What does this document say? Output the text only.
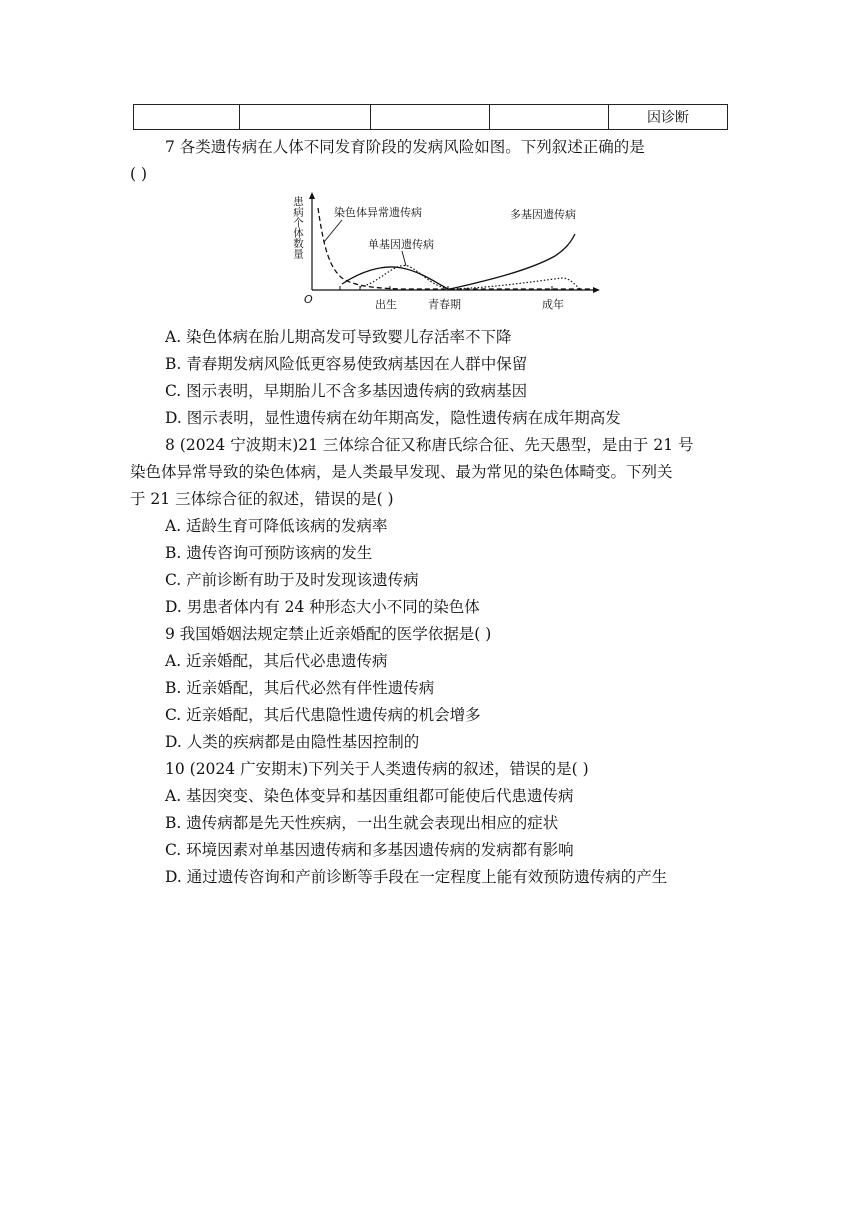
				因诊断
7 各类遗传病在人体不同发育阶段的发病风险如图。下列叙述正确的是
( )
患病个体数量
O	出生	青春期	成年
染色体异常遗传病
单基因遗传病
多基因遗传病
A. 染色体病在胎儿期高发可导致婴儿存活率不下降
B. 青春期发病风险低更容易使致病基因在人群中保留
C. 图示表明，早期胎儿不含多基因遗传病的致病基因
D. 图示表明，显性遗传病在幼年期高发，隐性遗传病在成年期高发
8 (2024 宁波期末)21 三体综合征又称唐氏综合征、先天愚型，是由于 21 号
染色体异常导致的染色体病，是人类最早发现、最为常见的染色体畸变。下列关
于 21 三体综合征的叙述，错误的是( )
A. 适龄生育可降低该病的发病率
B. 遗传咨询可预防该病的发生
C. 产前诊断有助于及时发现该遗传病
D. 男患者体内有 24 种形态大小不同的染色体
9 我国婚姻法规定禁止近亲婚配的医学依据是( )
A. 近亲婚配，其后代必患遗传病
B. 近亲婚配，其后代必然有伴性遗传病
C. 近亲婚配，其后代患隐性遗传病的机会增多
D. 人类的疾病都是由隐性基因控制的
10 (2024 广安期末)下列关于人类遗传病的叙述，错误的是( )
A. 基因突变、染色体变异和基因重组都可能使后代患遗传病
B. 遗传病都是先天性疾病，一出生就会表现出相应的症状
C. 环境因素对单基因遗传病和多基因遗传病的发病都有影响
D. 通过遗传咨询和产前诊断等手段在一定程度上能有效预防遗传病的产生
